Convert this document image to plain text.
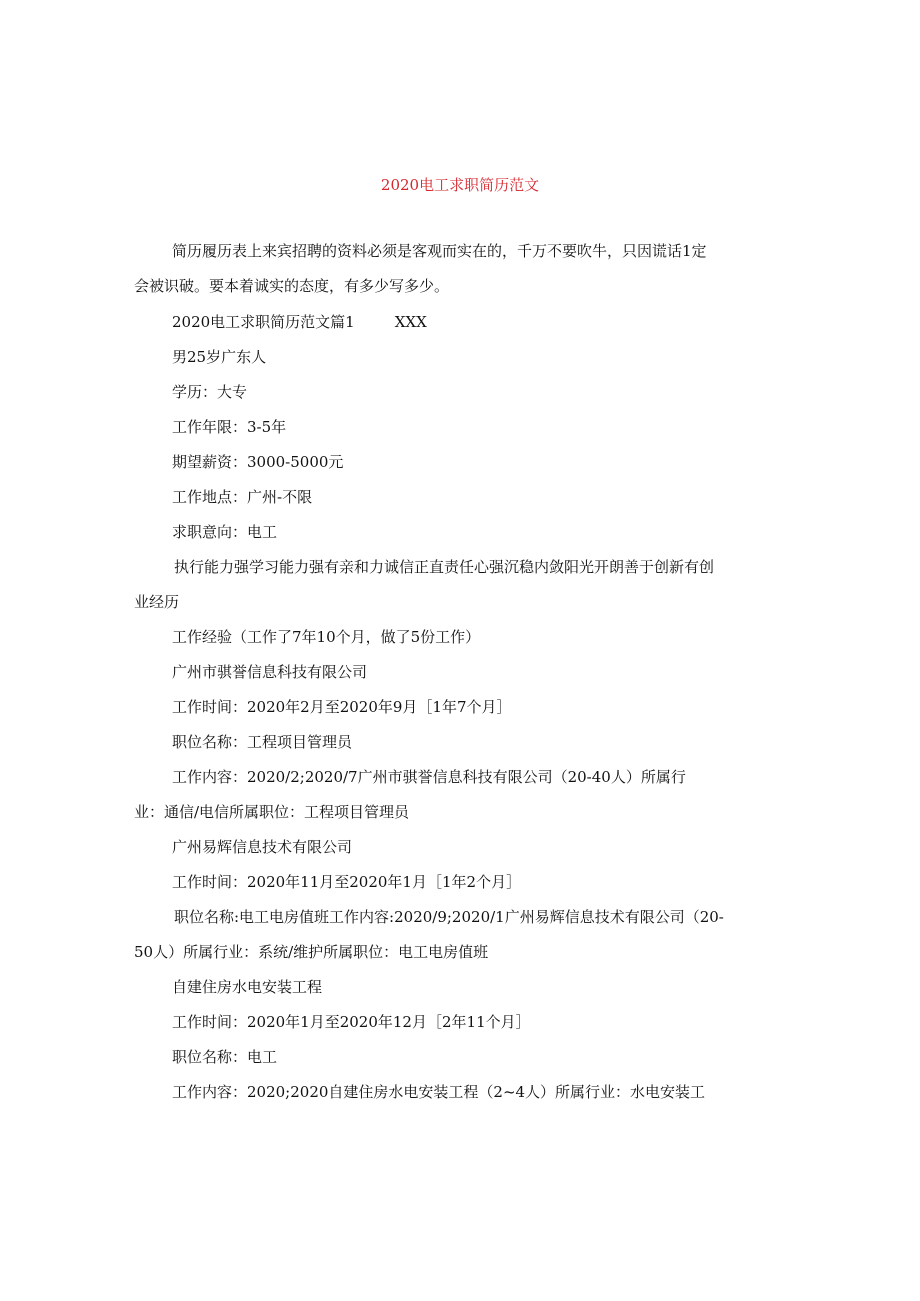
2020电工求职简历范文
简历履历表上来宾招聘的资料必须是客观而实在的，千万不要吹牛，只因谎话1定
会被识破。要本着诚实的态度，有多少写多少。
2020电工求职简历范文篇1	XXX
男25岁广东人
学历：大专
工作年限：3-5年
期望薪资：3000-5000元
工作地点：广州-不限
求职意向：电工
执行能力强学习能力强有亲和力诚信正直责任心强沉稳内敛阳光开朗善于创新有创
业经历
工作经验（工作了7年10个月，做了5份工作）
广州市骐誉信息科技有限公司
工作时间：2020年2月至2020年9月［1年7个月］
职位名称：工程项目管理员
工作内容：2020/2;2020/7广州市骐誉信息科技有限公司（20-40人）所属行
业：通信/电信所属职位：工程项目管理员
广州易辉信息技术有限公司
工作时间：2020年11月至2020年1月［1年2个月］
职位名称:电工电房值班工作内容:2020/9;2020/1广州易辉信息技术有限公司（20-
50人）所属行业：系统/维护所属职位：电工电房值班
自建住房水电安装工程
工作时间：2020年1月至2020年12月［2年11个月］
职位名称：电工
工作内容：2020;2020自建住房水电安装工程（2~4人）所属行业：水电安装工
